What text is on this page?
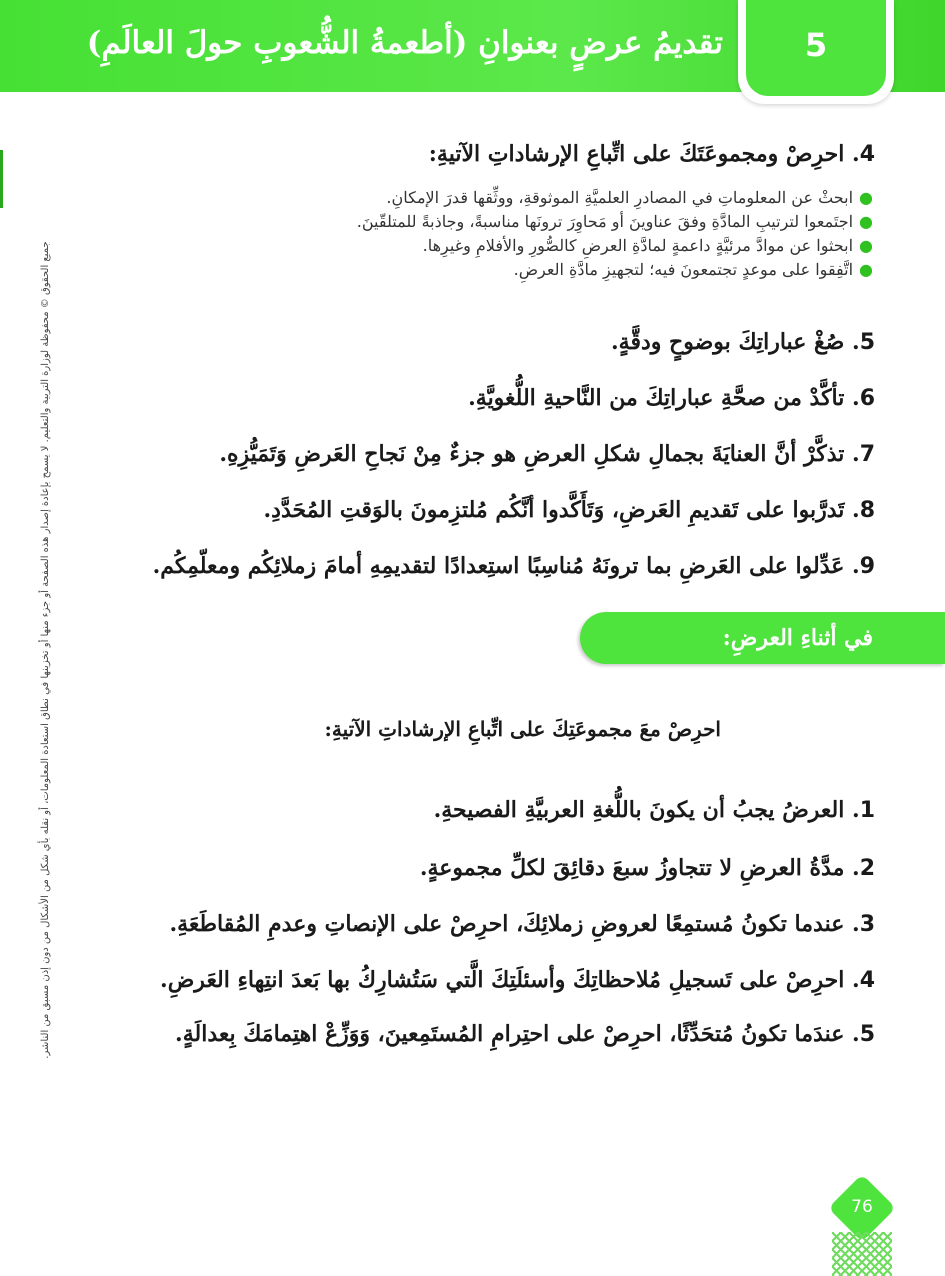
تقديمُ عرضٍ بعنوانِ (أطعمةُ الشُّعوبِ حولَ العالَمِ)	5
جميع الحقوق © محفوظة لوزارة التربية والتعليم. لا يسمح بإعادة إصدار هذه الصفحة أو جزء منها أو تخزينها في نطاق استعادة المعلومات، أو نقله بأي شكل من الأشكال من دون إذن مسبق من الناشر.
4. احرِصْ ومجموعَتَكَ على اتِّباعِ الإرشاداتِ الآتيةِ:
●ابحثْ عن المعلوماتِ في المصادرِ العلميَّةِ الموثوقةِ، ووثِّقها قدرَ الإمكانِ.
●اجتَمعوا لترتيبِ المادَّةِ وفقَ عناوينَ أو مَحاوِرَ ترونَها مناسبةً، وجاذبةً للمتلقّينَ.
●ابحثوا عن موادَّ مرئيَّةٍ داعمةٍ لمادَّةِ العرضِ كالصُّورِ والأفلامِ وغيرِها.
●اتَّفِقوا على موعدٍ تجتمعونَ فيه؛ لتجهيزِ مادَّةِ العرضِ.
5. صُغْ عباراتِكَ بوضوحٍ ودقَّةٍ.
6. تأكَّدْ من صحَّةِ عباراتِكَ من النَّاحيةِ اللُّغويَّةِ.
7. تذكَّرْ أنَّ العنايَةَ بجمالِ شكلِ العرضِ هو جزءٌ مِنْ نَجاحِ العَرضِ وَتَمَيُّزِهِ.
8. تَدرَّبوا على تَقديمِ العَرضِ، وَتَأَكَّدوا أنَّكُم مُلتزِمونَ بالوَقتِ المُحَدَّدِ.
9. عَدِّلوا على العَرضِ بما ترونَهُ مُناسِبًا استِعدادًا لتقديمِهِ أمامَ زملائِكُم ومعلّمِكُم.
في أثناءِ العرضِ:
احرِصْ معَ مجموعَتِكَ على اتِّباعِ الإرشاداتِ الآتيةِ:
1. العرضُ يجبُ أن يكونَ باللُّغةِ العربيَّةِ الفصيحةِ.
2. مدَّةُ العرضِ لا تتجاوزُ سبعَ دقائِقَ لكلِّ مجموعةٍ.
3. عندما تكونُ مُستمِعًا لعروضِ زملائِكَ، احرِصْ على الإنصاتِ وعدمِ المُقاطَعَةِ.
4. احرِصْ على تَسجيلِ مُلاحظاتِكَ وأسئلَتِكَ الَّتي سَتُشارِكُ بها بَعدَ انتِهاءِ العَرضِ.
5. عندَما تكونُ مُتحَدِّثًا، احرِصْ على احتِرامِ المُستَمِعينَ، وَوَزِّعْ اهتِمامَكَ بِعدالَةٍ.
76
